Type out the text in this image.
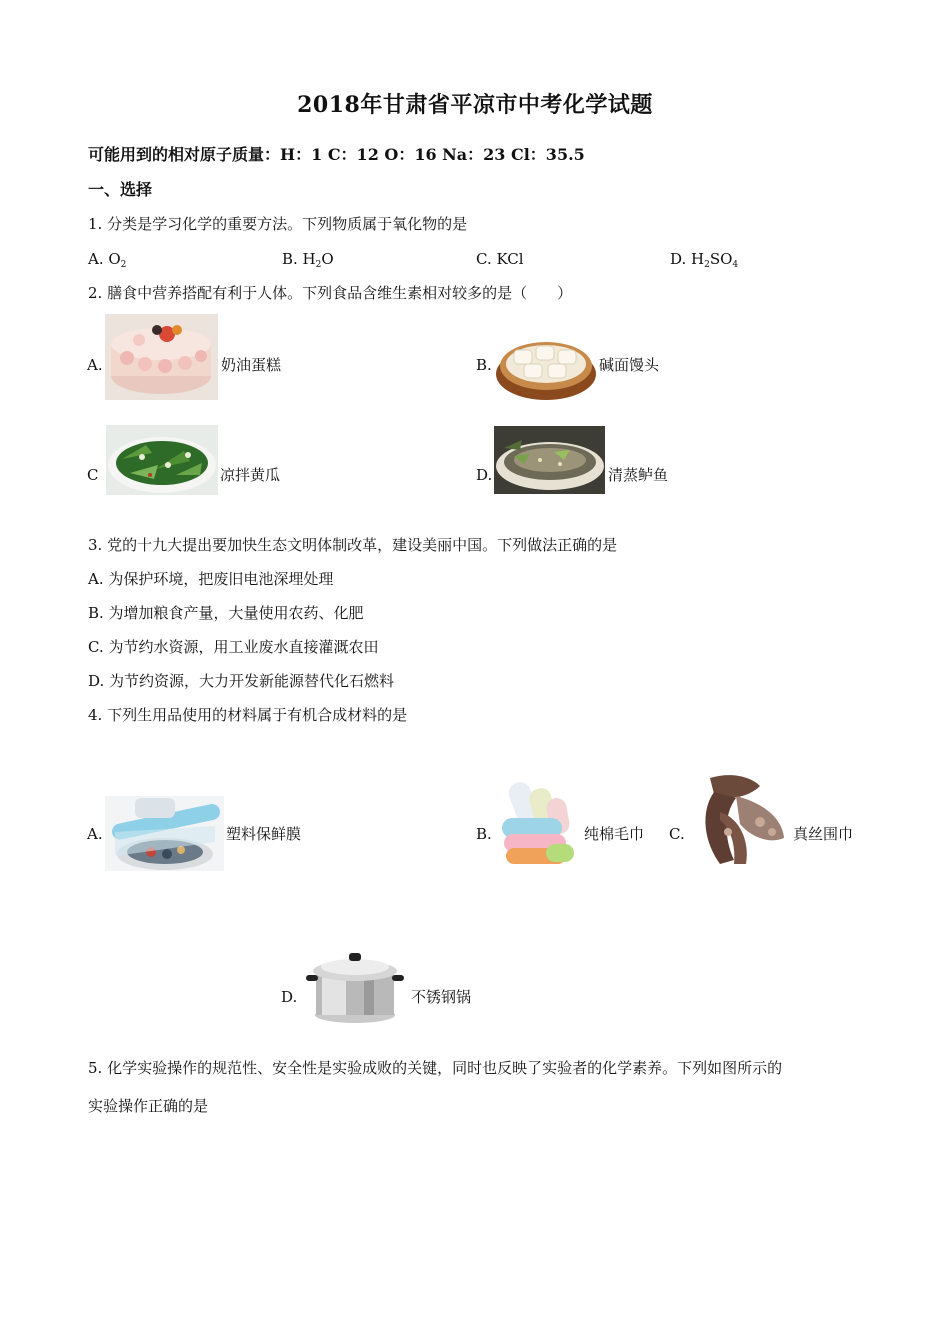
2018年甘肃省平凉市中考化学试题
可能用到的相对原子质量：H：1 C：12 O：16 Na：23 Cl：35.5
一、选择
1. 分类是学习化学的重要方法。下列物质属于氧化物的是
A. $O_2$	B. $H_2O$	C. KCl	D. $H_2SO_4$
2. 膳食中营养搭配有利于人体。下列食品含维生素相对较多的是（　　）
A.	奶油蛋糕	B.	碱面馒头
C	凉拌黄瓜	D.	清蒸鲈鱼
3. 党的十九大提出要加快生态文明体制改革，建设美丽中国。下列做法正确的是
A. 为保护环境，把废旧电池深埋处理
B. 为增加粮食产量，大量使用农药、化肥
C. 为节约水资源，用工业废水直接灌溉农田
D. 为节约资源，大力开发新能源替代化石燃料
4. 下列生用品使用的材料属于有机合成材料的是
A.	塑料保鲜膜	B.	纯棉毛巾 C.	真丝围巾
D.	不锈钢锅
5. 化学实验操作的规范性、安全性是实验成败的关键，同时也反映了实验者的化学素养。下列如图所示的
实验操作正确的是
